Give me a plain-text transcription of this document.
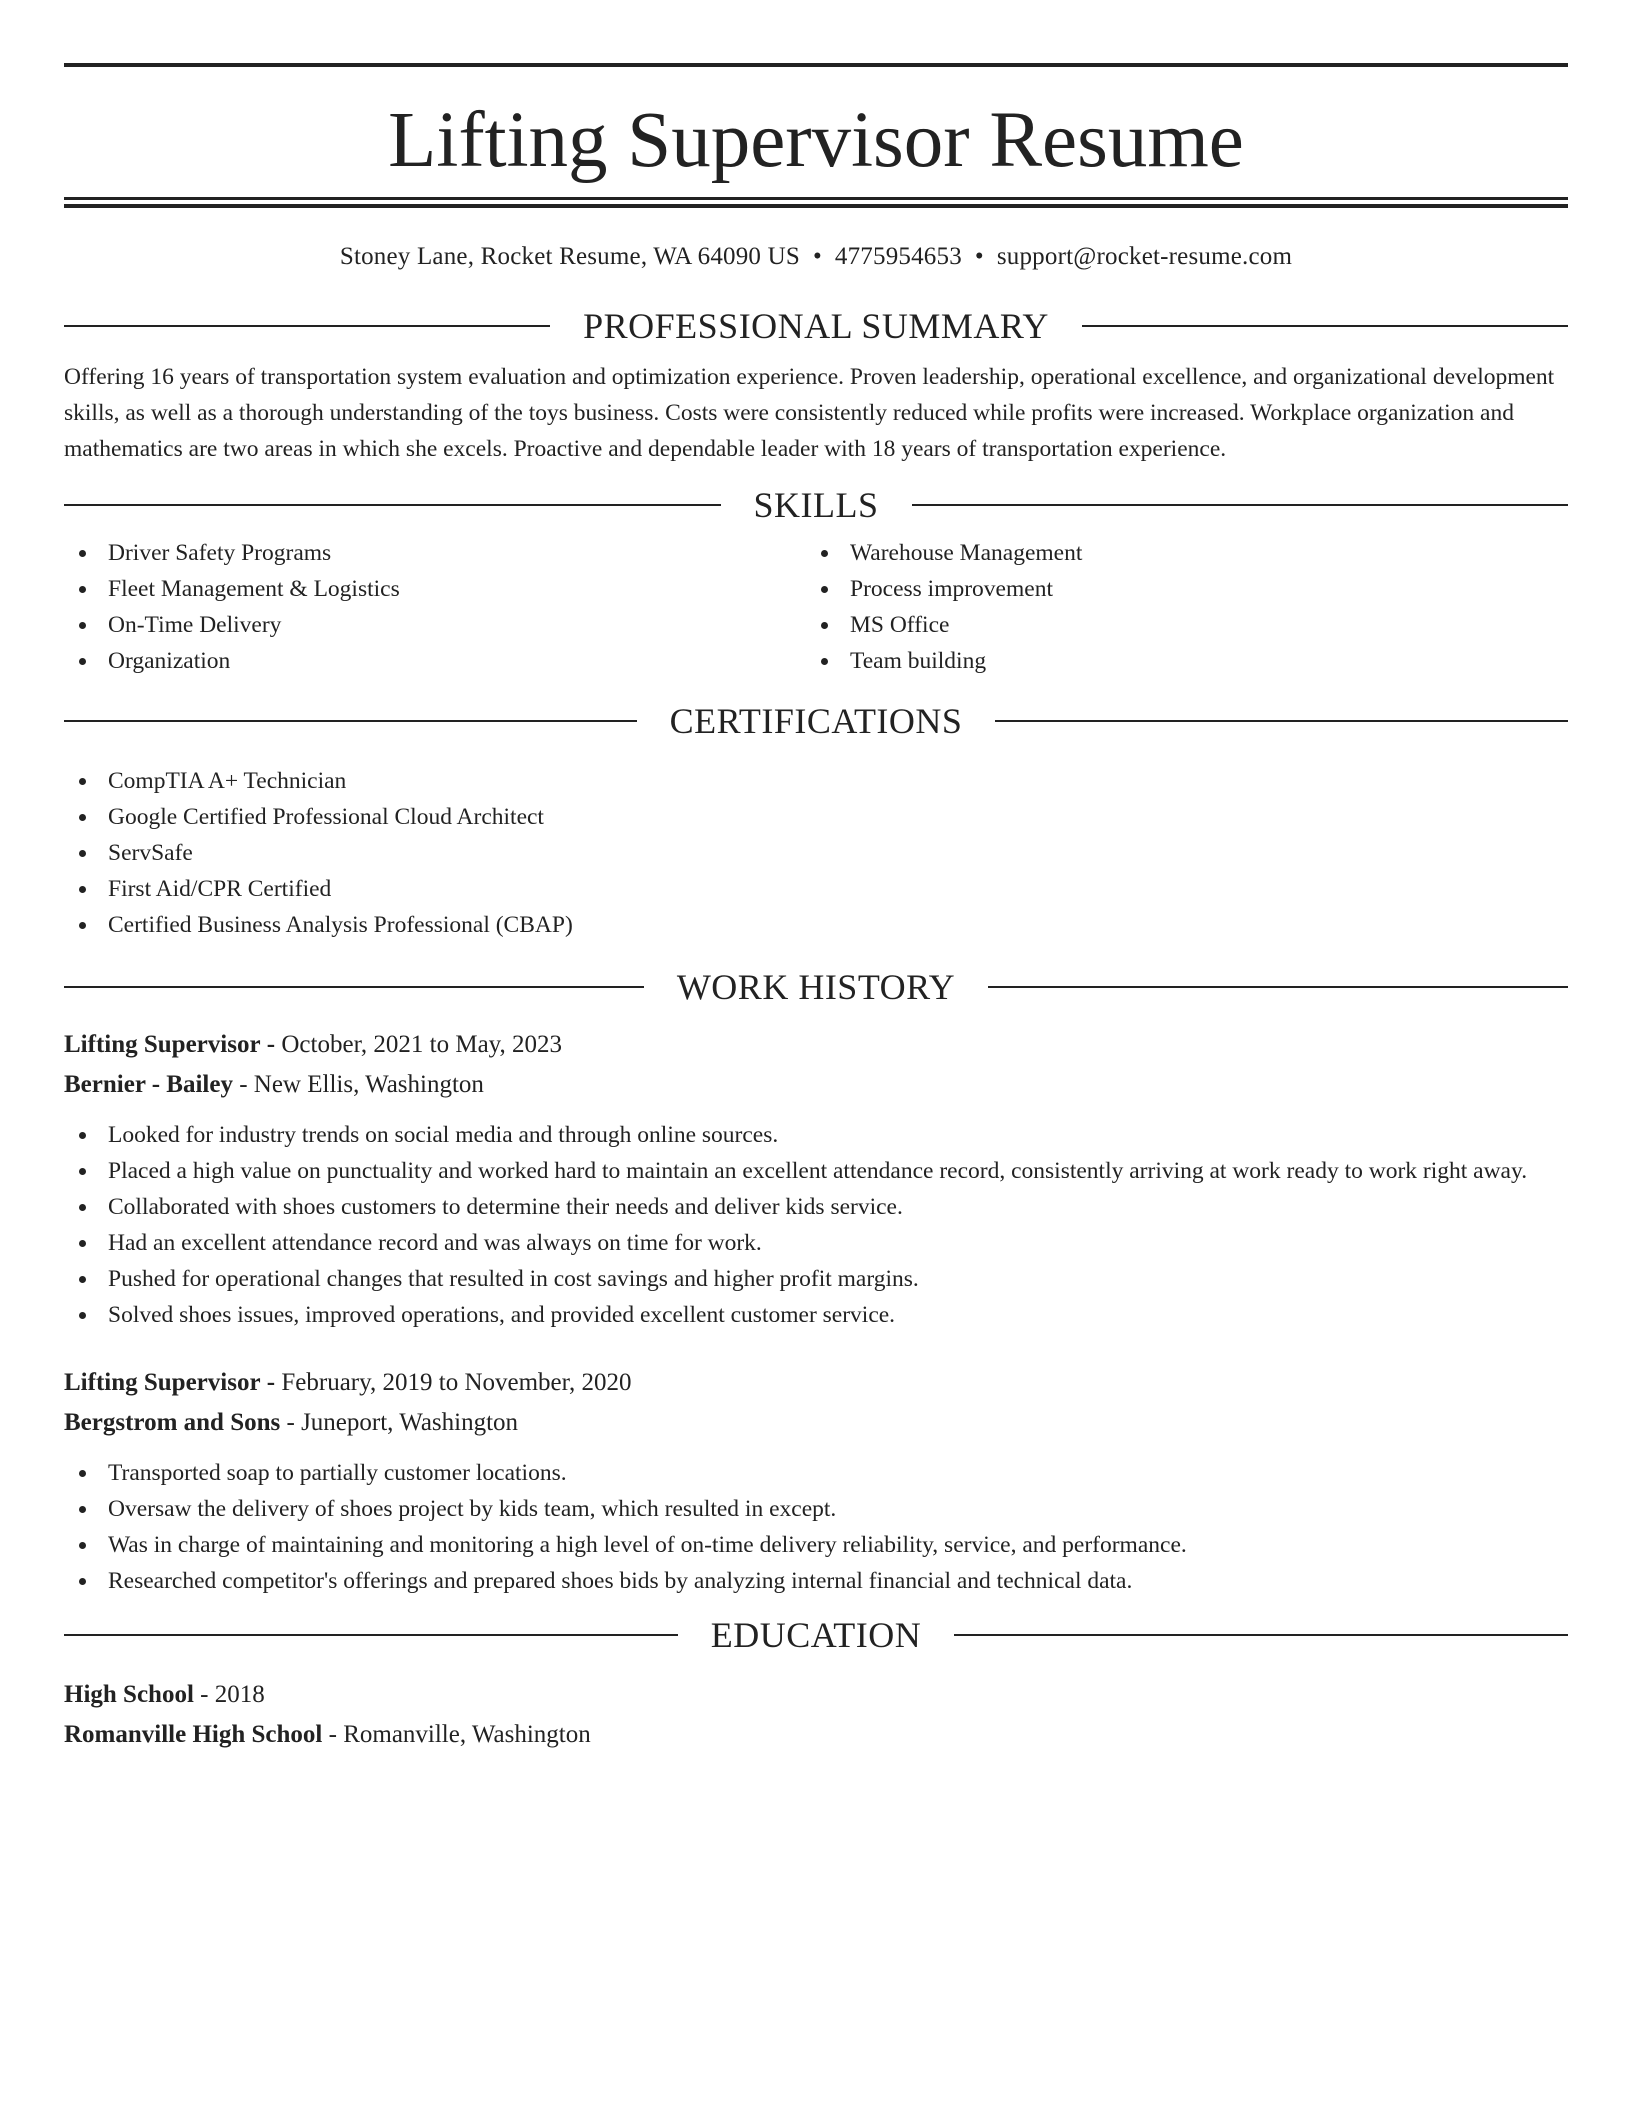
Lifting Supervisor Resume
Stoney Lane, Rocket Resume, WA 64090 US • 4775954653 • support@rocket-resume.com
PROFESSIONAL SUMMARY

Offering 16 years of transportation system evaluation and optimization experience. Proven leadership, operational excellence, and organizational development skills, as well as a thorough understanding of the toys business. Costs were consistently reduced while profits were increased. Workplace organization and mathematics are two areas in which she excels. Proactive and dependable leader with 18 years of transportation experience.

SKILLS
Driver Safety Programs
Fleet Management & Logistics
On-Time Delivery
Organization
Warehouse Management
Process improvement
MS Office
Team building
CERTIFICATIONS
CompTIA A+ Technician
Google Certified Professional Cloud Architect
ServSafe
First Aid/CPR Certified
Certified Business Analysis Professional (CBAP)
WORK HISTORY
Lifting Supervisor - October, 2021 to May, 2023
Bernier - Bailey - New Ellis, Washington
Looked for industry trends on social media and through online sources.
Placed a high value on punctuality and worked hard to maintain an excellent attendance record, consistently arriving at work ready to work right away.
Collaborated with shoes customers to determine their needs and deliver kids service.
Had an excellent attendance record and was always on time for work.
Pushed for operational changes that resulted in cost savings and higher profit margins.
Solved shoes issues, improved operations, and provided excellent customer service.
Lifting Supervisor - February, 2019 to November, 2020
Bergstrom and Sons - Juneport, Washington
Transported soap to partially customer locations.
Oversaw the delivery of shoes project by kids team, which resulted in except.
Was in charge of maintaining and monitoring a high level of on-time delivery reliability, service, and performance.
Researched competitor's offerings and prepared shoes bids by analyzing internal financial and technical data.
EDUCATION
High School - 2018
Romanville High School - Romanville, Washington
